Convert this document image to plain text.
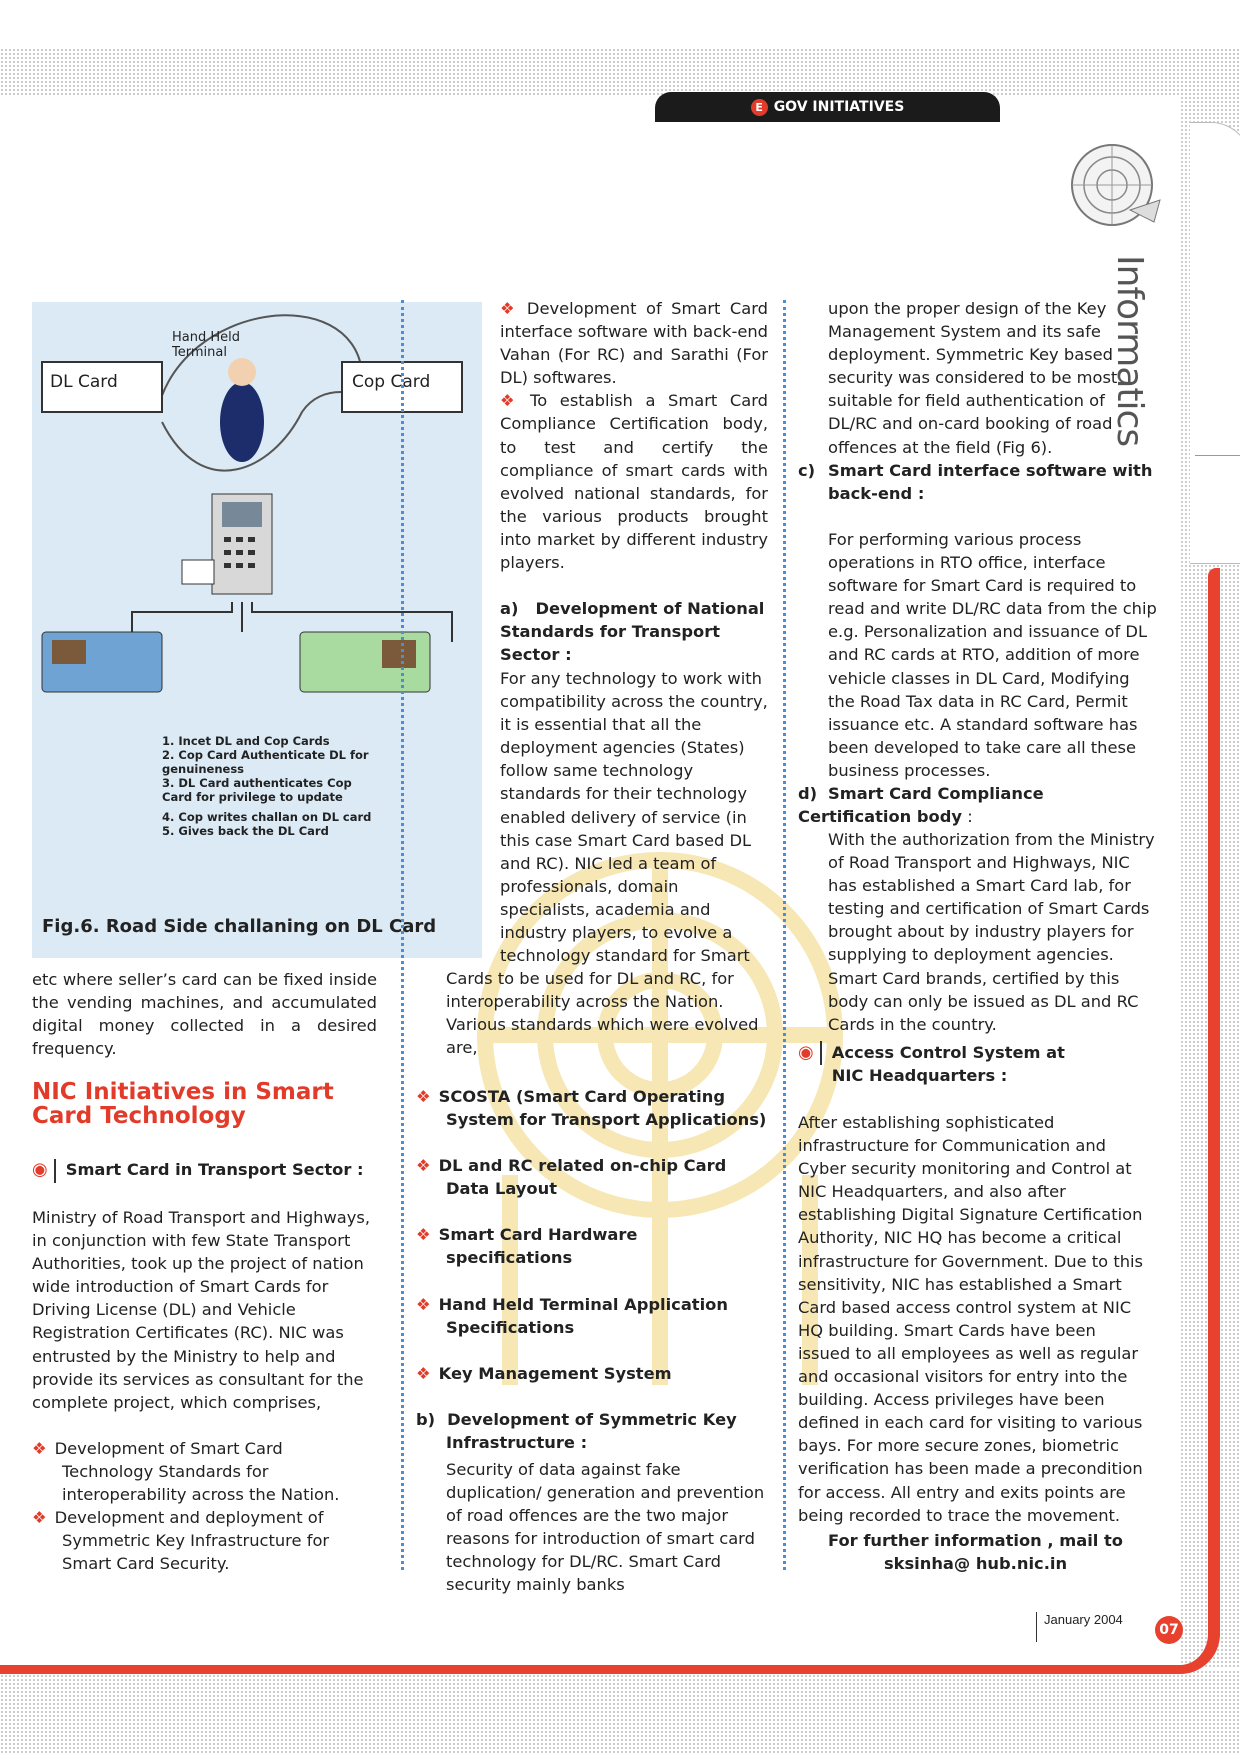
E GOV INITIATIVES
Informatics
DL Card	Cop Card
Hand Held Terminal
1. Incet DL and Cop Cards
2. Cop Card Authenticate DL for genuineness
3. DL Card authenticates Cop Card for privilege to update
4. Cop writes challan on DL card
5. Gives back the DL Card
Fig.6. Road Side challaning on DL Card
etc where seller’s card can be fixed inside the vending machines, and accumulated digital money collected in a desired frequency.
NIC Initiatives in Smart Card Technology
◉ Smart Card in Transport Sector :
Ministry of Road Transport and Highways, in conjunction with few State Transport Authorities, took up the project of nation wide introduction of Smart Cards for Driving License (DL) and Vehicle Registration Certificates (RC). NIC was entrusted by the Ministry to help and provide its services as consultant for the complete project, which comprises,

❖ Development of Smart Card Technology Standards for interoperability across the Nation.

❖ Development and deployment of Symmetric Key Infrastructure for Smart Card Security.

❖ Development of Smart Card interface software with back-end Vahan (For RC) and Sarathi (For DL) softwares.

❖ To establish a Smart Card Compliance Certification body, to test and certify the compliance of smart cards with evolved national standards, for the various products brought into market by different industry players.

a) Development of National Standards for Transport Sector :
For any technology to work with compatibility across the country, it is essential that all the deployment agencies (States) follow same technology standards for their technology enabled delivery of service (in this case Smart Card based DL and RC). NIC led a team of professionals, domain specialists, academia and industry players, to evolve a technology standard for Smart
Cards to be used for DL and RC, for interoperability across the Nation. Various standards which were evolved are,

❖ SCOSTA (Smart Card Operating System for Transport Applications)

❖ DL and RC related on-chip Card Data Layout

❖ Smart Card Hardware specifications

❖ Hand Held Terminal Application Specifications

❖ Key Management System

b) Development of Symmetric Key Infrastructure :

Security of data against fake duplication/ generation and prevention of road offences are the two major reasons for introduction of smart card technology for DL/RC. Smart Card security mainly banks
upon the proper design of the Key Management System and its safe deployment. Symmetric Key based security was considered to be most suitable for field authentication of DL/RC and on-card booking of road offences at the field (Fig 6).
c) Smart Card interface software with back-end :
For performing various process operations in RTO office, interface software for Smart Card is required to read and write DL/RC data from the chip e.g. Personalization and issuance of DL and RC cards at RTO, addition of more vehicle classes in DL Card, Modifying the Road Tax data in RC Card, Permit issuance etc. A standard software has been developed to take care all these business processes.
d) Smart Card Compliance Certification body :
With the authorization from the Ministry of Road Transport and Highways, NIC has established a Smart Card lab, for testing and certification of Smart Cards brought about by industry players for supplying to deployment agencies. Smart Card brands, certified by this body can only be issued as DL and RC Cards in the country.
◉ Access Control System at NIC Headquarters :
After establishing sophisticated infrastructure for Communication and Cyber security monitoring and Control at NIC Headquarters, and also after establishing Digital Signature Certification Authority, NIC HQ has become a critical infrastructure for Government. Due to this sensitivity, NIC has established a Smart Card based access control system at NIC HQ building. Smart Cards have been issued to all employees as well as regular and occasional visitors for entry into the building. Access privileges have been defined in each card for visiting to various bays. For more secure zones, biometric verification has been made a precondition for access. All entry and exits points are being recorded to trace the movement.
For further information , mail to
sksinha@ hub.nic.in
January 2004
07
